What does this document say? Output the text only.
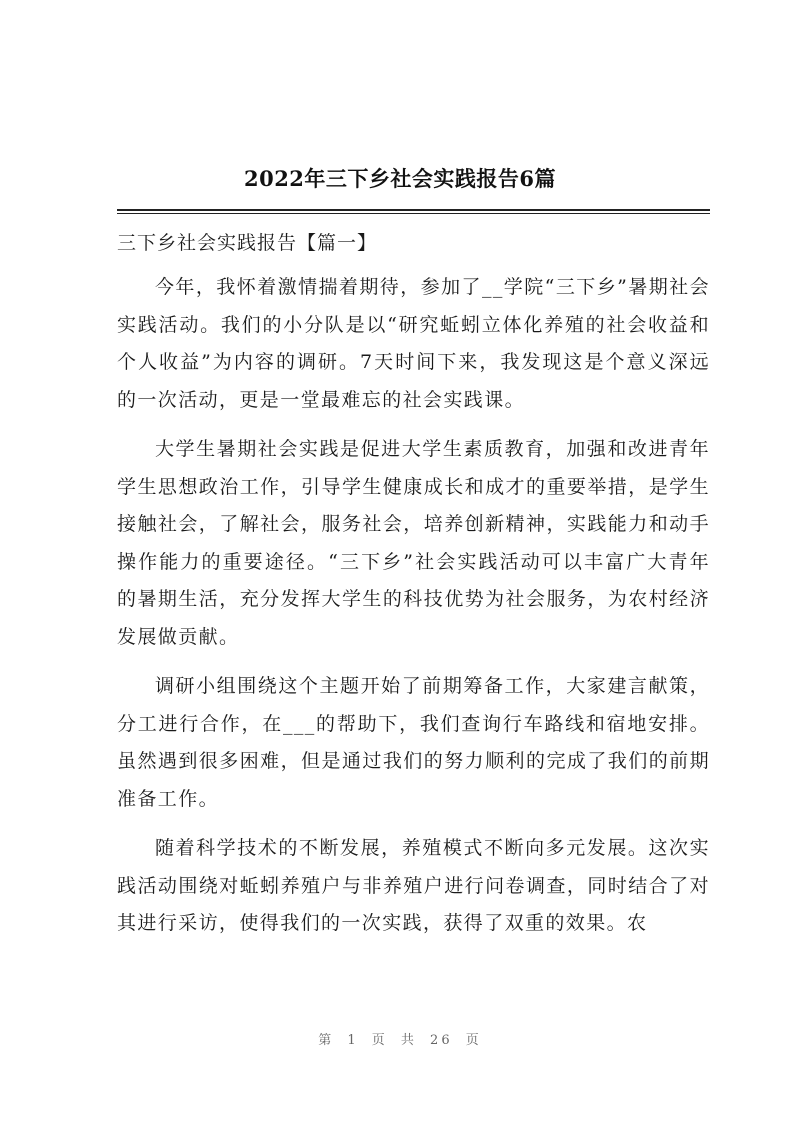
2022年三下乡社会实践报告6篇
三下乡社会实践报告【篇一】

今年，我怀着激情揣着期待，参加了__学院“三下乡”暑期社会实践活动。我们的小分队是以“研究蚯蚓立体化养殖的社会收益和个人收益”为内容的调研。7天时间下来，我发现这是个意义深远的一次活动，更是一堂最难忘的社会实践课。

大学生暑期社会实践是促进大学生素质教育，加强和改进青年学生思想政治工作，引导学生健康成长和成才的重要举措，是学生接触社会，了解社会，服务社会，培养创新精神，实践能力和动手操作能力的重要途径。“三下乡”社会实践活动可以丰富广大青年的暑期生活，充分发挥大学生的科技优势为社会服务，为农村经济发展做贡献。

调研小组围绕这个主题开始了前期筹备工作，大家建言献策，分工进行合作，在___的帮助下，我们查询行车路线和宿地安排。虽然遇到很多困难，但是通过我们的努力顺利的完成了我们的前期准备工作。

随着科学技术的不断发展，养殖模式不断向多元发展。这次实践活动围绕对蚯蚓养殖户与非养殖户进行问卷调查，同时结合了对其进行采访，使得我们的一次实践，获得了双重的效果。农

第 1 页 共 26 页
